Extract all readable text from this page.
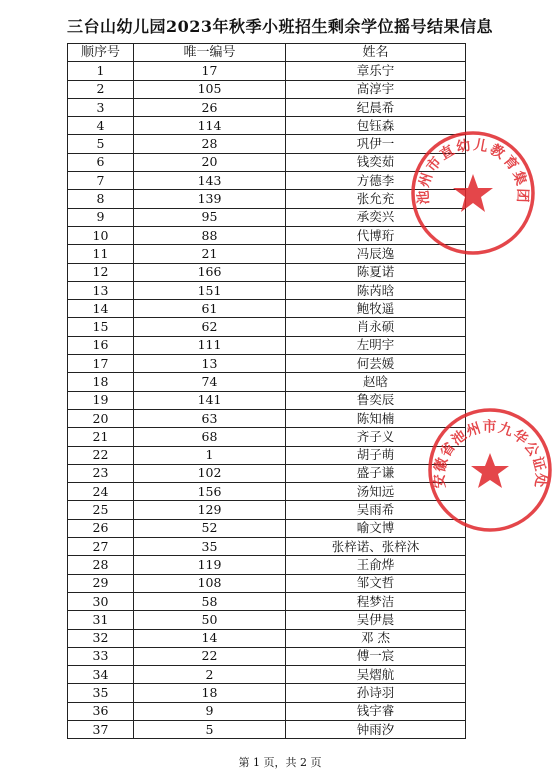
三台山幼儿园2023年秋季小班招生剩余学位摇号结果信息
顺序号	唯一编号	姓名
1	17	章乐宁
2	105	高淳宇
3	26	纪晨希
4	114	包钰森
5	28	巩伊一
6	20	钱奕茹
7	143	方德李
8	139	张允充
9	95	承奕兴
10	88	代博珩
11	21	冯辰逸
12	166	陈夏诺
13	151	陈芮晗
14	61	鲍牧遥
15	62	肖永硕
16	111	左明宇
17	13	何芸媛
18	74	赵晗
19	141	鲁奕辰
20	63	陈知楠
21	68	齐子义
22	1	胡子萌
23	102	盛子谦
24	156	汤知远
25	129	吴雨希
26	52	喻文博
27	35	张梓诺、张梓沐
28	119	王俞烨
29	108	邹文哲
30	58	程梦洁
31	50	吴伊晨
32	14	邓 杰
33	22	傅一宸
34	2	吴熠航
35	18	孙诗羽
36	9	钱宇睿
37	5	钟雨汐
池州市直幼儿教育集团
安徽省池州市九华公证处
第 1 页，共 2 页
